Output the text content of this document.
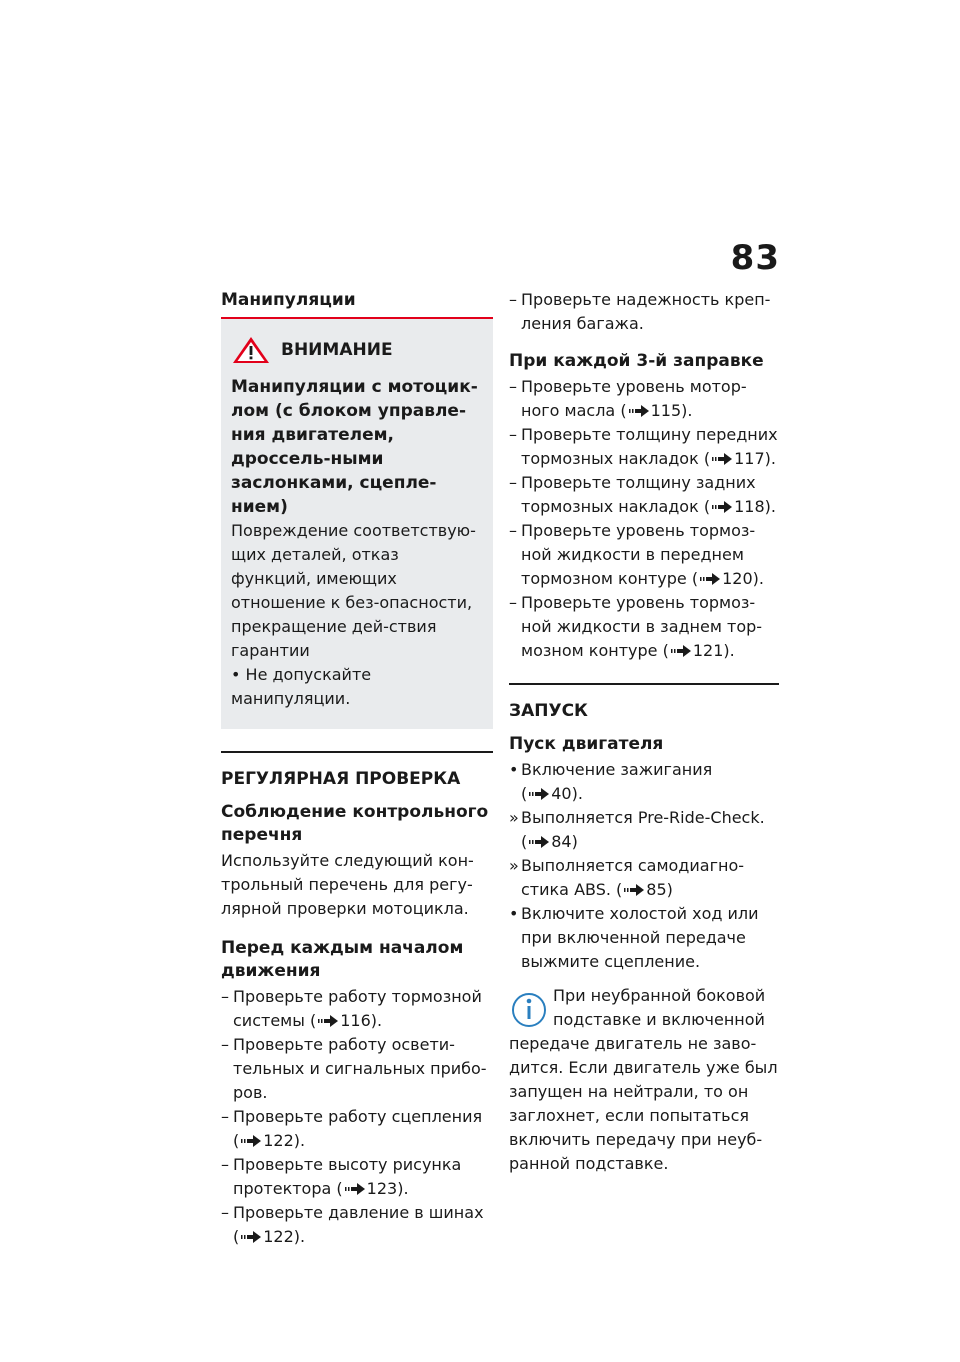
83

Манипуляции

ВНИМАНИЕ

Манипуляции с мотоцик-лом (с блоком управле-ния двигателем, дроссель-ными заслонками, сцепле-нием)

Повреждение соответствую-щих деталей, отказ функций, имеющих отношение к без-опасности, прекращение дей-ствия гарантии

• Не допускайте манипуляции.

РЕГУЛЯРНАЯ ПРОВЕРКА
Соблюдение контрольного перечня

Используйте следующий кон-трольный перечень для регу-лярной проверки мотоцикла.

Перед каждым началом движения
– Проверьте работу тормозной системы ( 116).
– Проверьте работу освети-тельных и сигнальных прибо-ров.
– Проверьте работу сцепления ( 122).
– Проверьте высоту рисунка протектора ( 123).
– Проверьте давление в шинах ( 122).
– Проверьте надежность креп-ления багажа.
При каждой 3-й заправке
– Проверьте уровень мотор-ного масла ( 115).
– Проверьте толщину передних тормозных накладок ( 117).
– Проверьте толщину задних тормозных накладок ( 118).
– Проверьте уровень тормоз-ной жидкости в переднем тормозном контуре ( 120).
– Проверьте уровень тормоз-ной жидкости в заднем тор-мозном контуре ( 121).
ЗАПУСК
Пуск двигателя
• Включение зажигания ( 40).
» Выполняется Pre-Ride-Check. ( 84)
» Выполняется самодиагно-стика ABS. ( 85)
• Включите холостой ход или при включенной передаче выжмите сцепление.

При неубранной боковой подставке и включенной передаче двигатель не заво-дится. Если двигатель уже был запущен на нейтрали, то он заглохнет, если попытаться включить передачу при неуб-ранной подставке.
